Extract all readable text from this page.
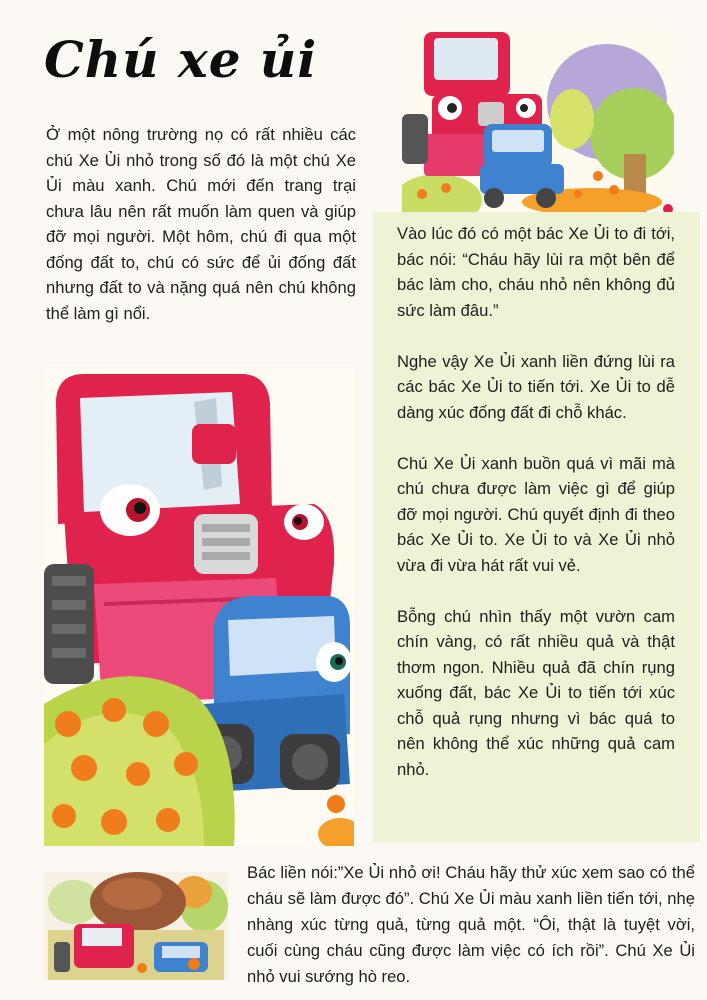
Chú xe ủi

Ở một nông trường nọ có rất nhiều các chú Xe Ủi nhỏ trong số đó là một chú Xe Ủi màu xanh. Chú mới đến trang trại chưa lâu nên rất muốn làm quen và giúp đỡ mọi người. Một hôm, chú đi qua một đống đất to, chú có sức để ủi đống đất nhưng đất to và nặng quá nên chú không thể làm gì nổi.

Vào lúc đó có một bác Xe Ủi to đi tới, bác nói: “Cháu hãy lùi ra một bên để bác làm cho, cháu nhỏ nên không đủ sức làm đâu.”

Nghe vậy Xe Ủi xanh liền đứng lùi ra các bác Xe Ủi to tiến tới. Xe Ủi to dễ dàng xúc đống đất đi chỗ khác.

Chú Xe Ủi xanh buồn quá vì mãi mà chú chưa được làm việc gì để giúp đỡ mọi người. Chú quyết định đi theo bác Xe Ủi to. Xe Ủi to và Xe Ủi nhỏ vừa đi vừa hát rất vui vẻ.

Bỗng chú nhìn thấy một vườn cam chín vàng, có rất nhiều quả và thật thơm ngon. Nhiều quả đã chín rụng xuống đất, bác Xe Ủi to tiến tới xúc chỗ quả rụng nhưng vì bác quá to nên không thể xúc những quả cam nhỏ.

Bác liền nói:”Xe Ủi nhỏ ơi! Cháu hãy thử xúc xem sao có thể cháu sẽ làm được đó”. Chú Xe Ủi màu xanh liền tiến tới, nhẹ nhàng xúc từng quả, từng quả một. “Ôi, thật là tuyệt vời, cuối cùng cháu cũng được làm việc có ích rồi”. Chú Xe Ủi nhỏ vui sướng hò reo.
